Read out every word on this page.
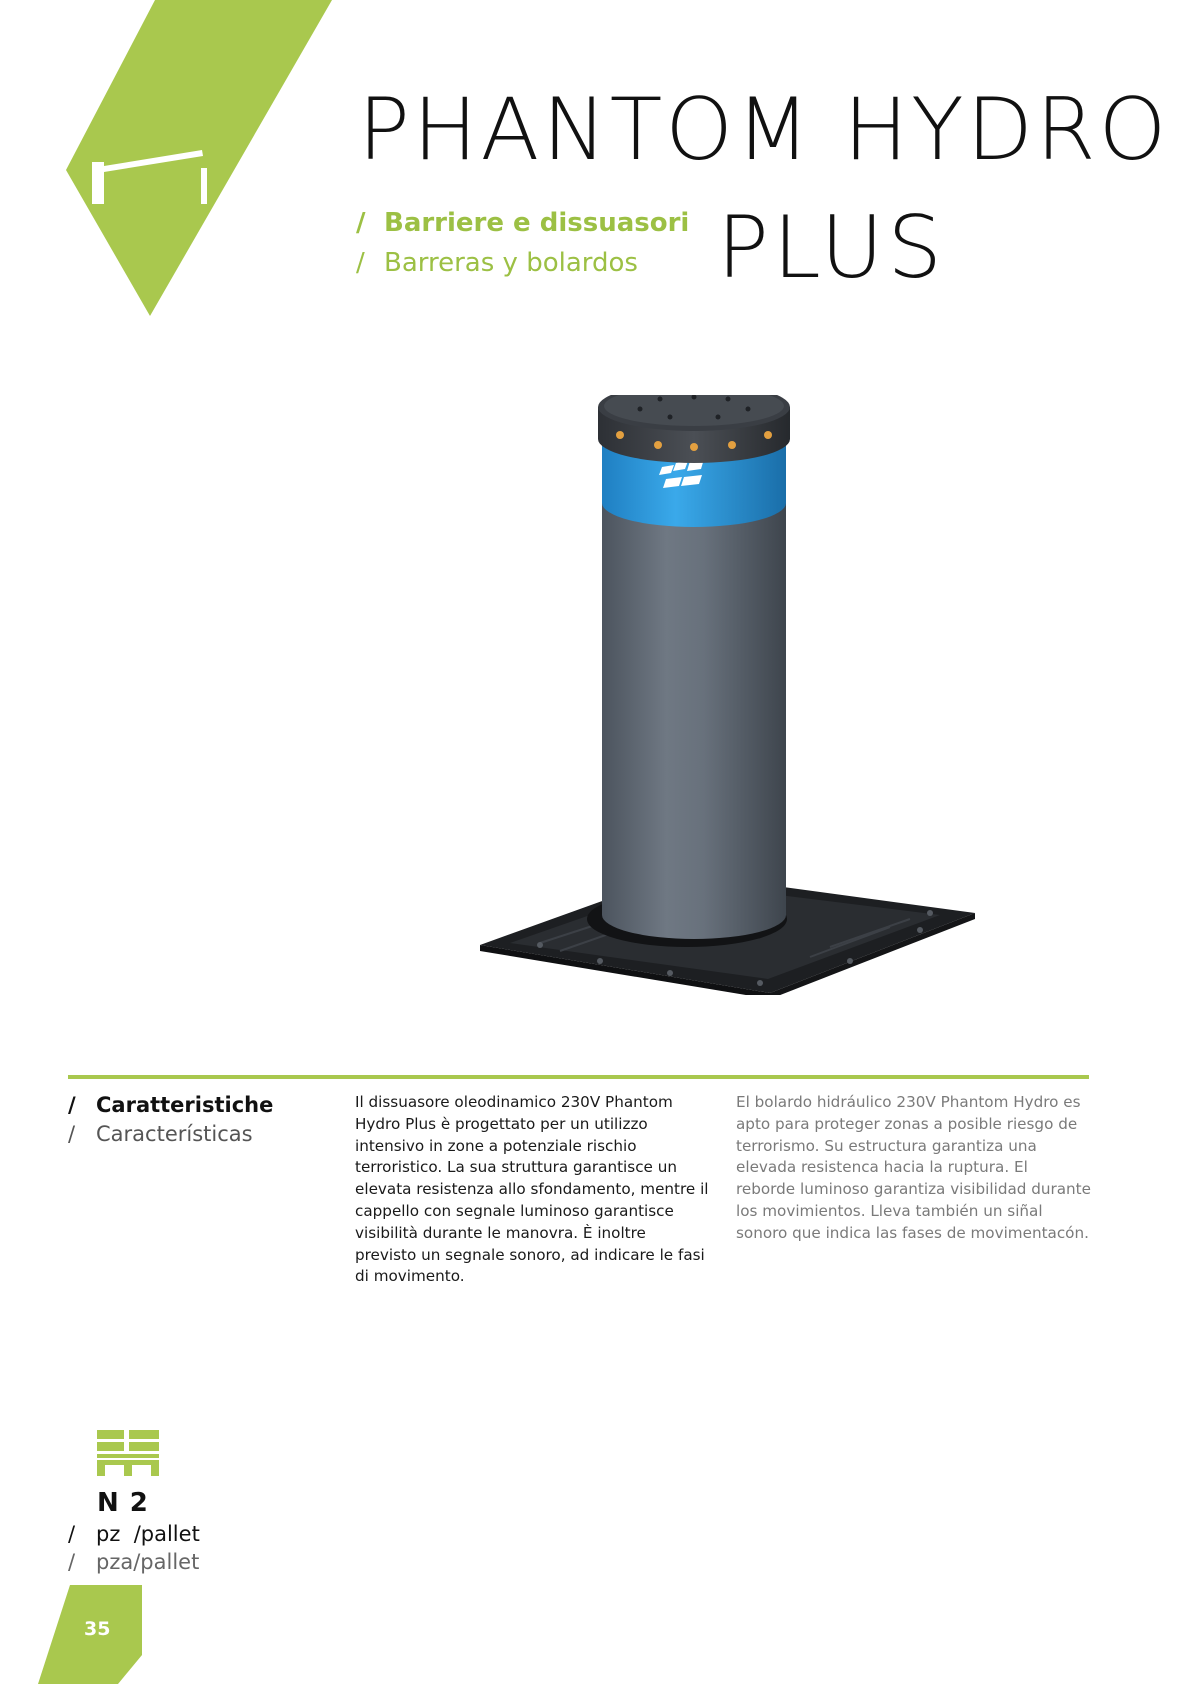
PHANTOM HYDRO
PLUS
/ Barriere e dissuasori
/ Barreras y bolardos
/ Caratteristiche
/ Características

Il dissuasore oleodinamico 230V Phantom Hydro Plus è progettato per un utilizzo intensivo in zone a potenziale rischio terroristico. La sua struttura garantisce un elevata resistenza allo sfondamento, mentre il cappello con segnale luminoso garantisce visibilità durante le manovra. È inoltre previsto un segnale sonoro, ad indicare le fasi di movimento.

El bolardo hidráulico 230V Phantom Hydro es apto para proteger zonas a posible riesgo de terrorismo. Su estructura garantiza una elevada resistenca hacia la ruptura. El reborde luminoso garantiza visibilidad durante los movimientos. Lleva también un siñal sonoro que indica las fases de movimentacón.

N 2
/ pz  /pallet
/ pza/pallet
35
